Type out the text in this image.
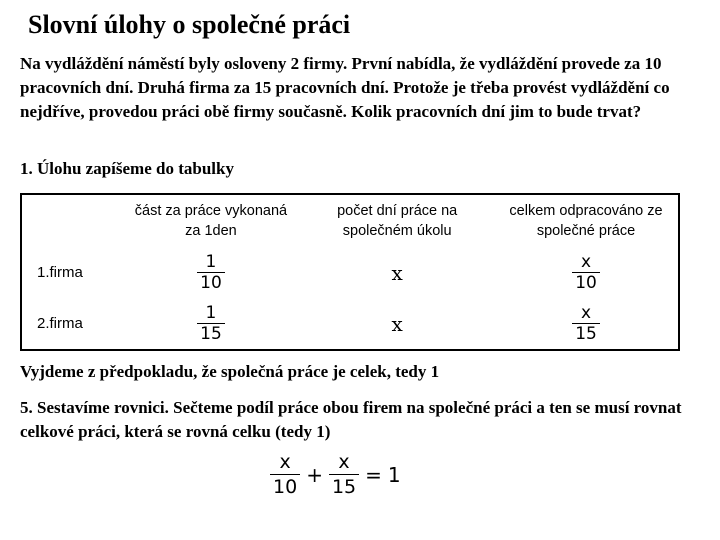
Slovní úlohy o společné práci
Na vydláždění náměstí byly osloveny 2 firmy. První nabídla, že vydláždění provede za 10 pracovních dní. Druhá firma za 15 pracovních dní. Protože je třeba provést vydláždění co nejdříve, provedou práci obě firmy současně. Kolik pracovních dní jim to bude trvat?
1. Úlohu zapíšeme do tabulky
	část za práce vykonaná za 1den	počet dní práce na společném úkolu	celkem odpracováno ze společné práce
1.firma	$\frac{1}{10}$	x	$\frac{x}{10}$

2.firma	$\frac{1}{15}$	x	$\frac{x}{15}$
Vyjdeme z předpokladu, že společná práce je celek, tedy 1
5. Sestavíme rovnici. Sečteme podíl práce obou firem na společné práci a ten se musí rovnat celkové práci, která se rovná celku (tedy 1)
$\frac{x}{10} + \frac{x}{15} = 1$
